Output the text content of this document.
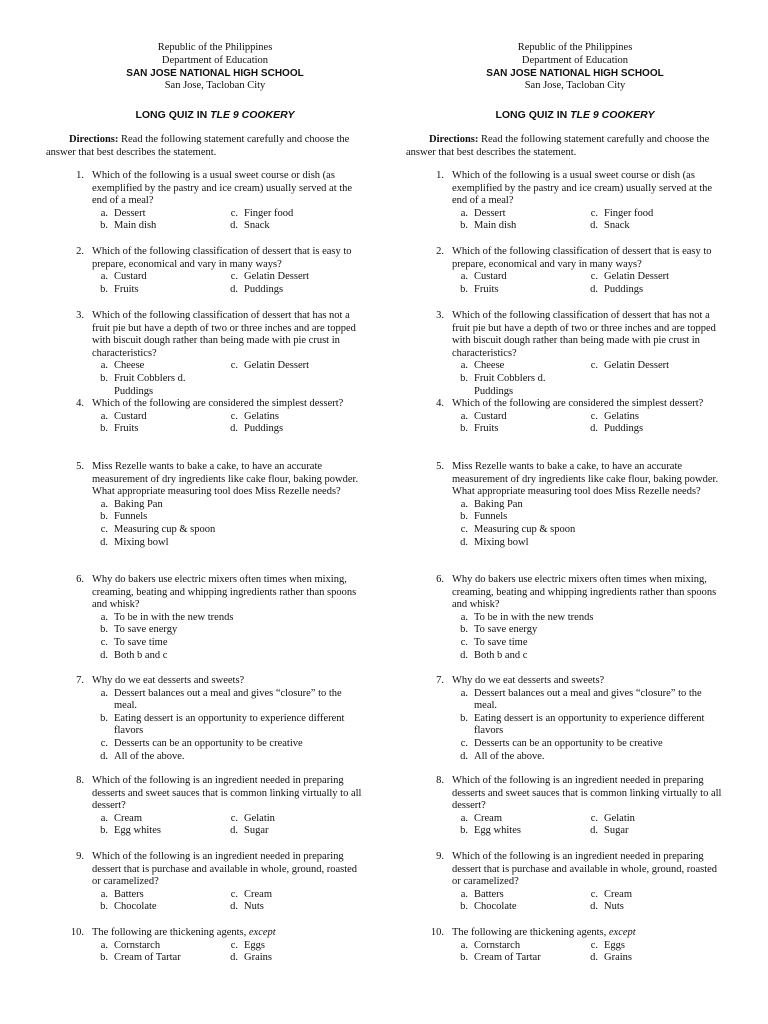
Republic of the Philippines
Department of Education
SAN JOSE NATIONAL HIGH SCHOOL
San Jose, Tacloban City
LONG QUIZ IN TLE 9 COOKERY
Directions: Read the following statement carefully and choose the answer that best describes the statement.
1. Which of the following is a usual sweet course or dish (as exemplified by the pastry and ice cream) usually served at the end of a meal?
a. Dessert	c. Finger food
b. Main dish	d. Snack
2. Which of the following classification of dessert that is easy to prepare, economical and vary in many ways?
a. Custard	c. Gelatin Dessert
b. Fruits	d. Puddings
3. Which of the following classification of dessert that has not a fruit pie but have a depth of two or three inches and are topped with biscuit dough rather than being made with pie crust in characteristics?
a. Cheese	c. Gelatin Dessert
b. Fruit Cobblers d. Puddings
4. Which of the following are considered the simplest dessert?
a. Custard	c. Gelatins
b. Fruits	d. Puddings
5. Miss Rezelle wants to bake a cake, to have an accurate measurement of dry ingredients like cake flour, baking powder. What appropriate measuring tool does Miss Rezelle needs?
a. Baking Pan
b. Funnels
c. Measuring cup & spoon
d. Mixing bowl
6. Why do bakers use electric mixers often times when mixing, creaming, beating and whipping ingredients rather than spoons and whisk?
a. To be in with the new trends
b. To save energy
c. To save time
d. Both b and c
7. Why do we eat desserts and sweets?
a. Dessert balances out a meal and gives “closure” to the meal.
b. Eating dessert is an opportunity to experience different flavors
c. Desserts can be an opportunity to be creative
d. All of the above.
8. Which of the following is an ingredient needed in preparing desserts and sweet sauces that is common linking virtually to all dessert?
a. Cream	c. Gelatin
b. Egg whites	d. Sugar
9. Which of the following is an ingredient needed in preparing dessert that is purchase and available in whole, ground, roasted or caramelized?
a. Batters	c. Cream
b. Chocolate	d. Nuts
10. The following are thickening agents, except
a. Cornstarch	c. Eggs
b. Cream of Tartar	d. Grains
Republic of the Philippines
Department of Education
SAN JOSE NATIONAL HIGH SCHOOL
San Jose, Tacloban City
LONG QUIZ IN TLE 9 COOKERY
Directions: Read the following statement carefully and choose the answer that best describes the statement.
1. Which of the following is a usual sweet course or dish (as exemplified by the pastry and ice cream) usually served at the end of a meal?
a. Dessert	c. Finger food
b. Main dish	d. Snack
2. Which of the following classification of dessert that is easy to prepare, economical and vary in many ways?
a. Custard	c. Gelatin Dessert
b. Fruits	d. Puddings
3. Which of the following classification of dessert that has not a fruit pie but have a depth of two or three inches and are topped with biscuit dough rather than being made with pie crust in characteristics?
a. Cheese	c. Gelatin Dessert
b. Fruit Cobblers d. Puddings
4. Which of the following are considered the simplest dessert?
a. Custard	c. Gelatins
b. Fruits	d. Puddings
5. Miss Rezelle wants to bake a cake, to have an accurate measurement of dry ingredients like cake flour, baking powder. What appropriate measuring tool does Miss Rezelle needs?
a. Baking Pan
b. Funnels
c. Measuring cup & spoon
d. Mixing bowl
6. Why do bakers use electric mixers often times when mixing, creaming, beating and whipping ingredients rather than spoons and whisk?
a. To be in with the new trends
b. To save energy
c. To save time
d. Both b and c
7. Why do we eat desserts and sweets?
a. Dessert balances out a meal and gives “closure” to the meal.
b. Eating dessert is an opportunity to experience different flavors
c. Desserts can be an opportunity to be creative
d. All of the above.
8. Which of the following is an ingredient needed in preparing desserts and sweet sauces that is common linking virtually to all dessert?
a. Cream	c. Gelatin
b. Egg whites	d. Sugar
9. Which of the following is an ingredient needed in preparing dessert that is purchase and available in whole, ground, roasted or caramelized?
a. Batters	c. Cream
b. Chocolate	d. Nuts
10. The following are thickening agents, except
a. Cornstarch	c. Eggs
b. Cream of Tartar	d. Grains
